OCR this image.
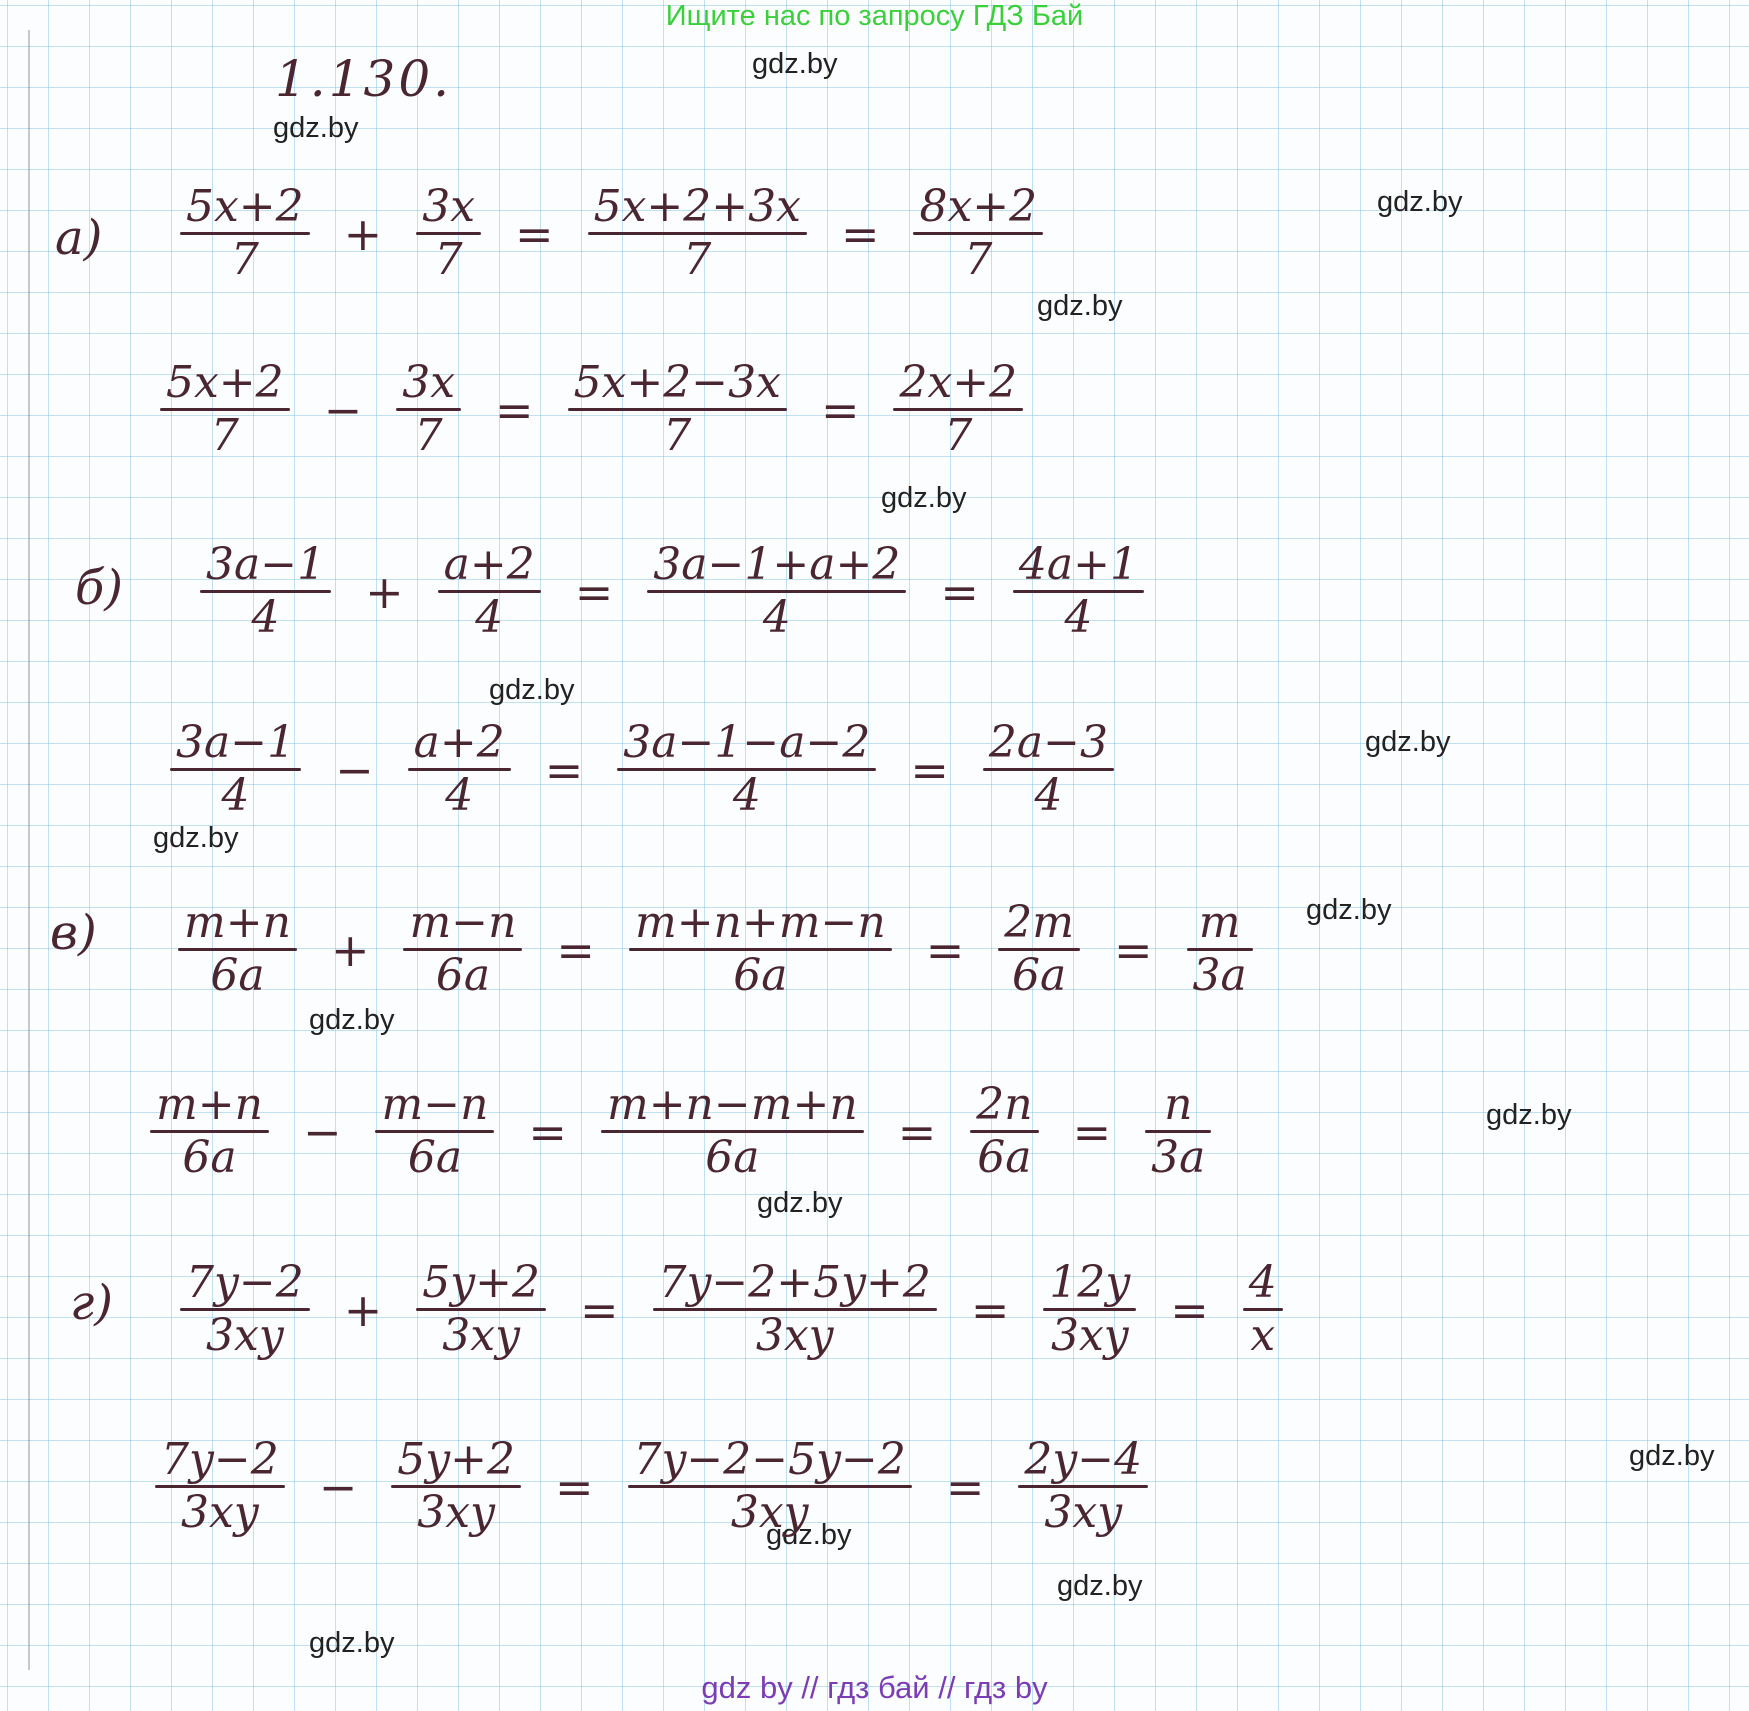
Ищите нас по запросу ГДЗ Бай
1.130.	gdz.by
gdz.by
gdz.by
gdz.by
gdz.by
gdz.by
gdz.by
gdz.by
gdz.by
gdz.by
gdz.by
gdz.by
gdz.by
gdz.by
gdz.by
gdz.by
$a) \frac{5x+2}{7} + \frac{3x}{7} = \frac{5x+2+3x}{7} = \frac{8x+2}{7}$
$\frac{5x+2}{7} - \frac{3x}{7} = \frac{5x+2-3x}{7} = \frac{2x+2}{7}$
$б) \frac{3a-1}{4} + \frac{a+2}{4} = \frac{3a-1+a+2}{4} = \frac{4a+1}{4}$
$\frac{3a-1}{4} - \frac{a+2}{4} = \frac{3a-1-a-2}{4} = \frac{2a-3}{4}$
$в) \frac{m+n}{6a} + \frac{m-n}{6a} = \frac{m+n+m-n}{6a} = \frac{2m}{6a} = \frac{m}{3a}$
$\frac{m+n}{6a} - \frac{m-n}{6a} = \frac{m+n-m+n}{6a} = \frac{2n}{6a} = \frac{n}{3a}$
$г) \frac{7y-2}{3xy} + \frac{5y+2}{3xy} = \frac{7y-2+5y+2}{3xy} = \frac{12y}{3xy} = \frac{4}{x}$
$\frac{7y-2}{3xy} - \frac{5y+2}{3xy} = \frac{7y-2-5y-2}{3xy} = \frac{2y-4}{3xy}$
gdz by // гдз бай // гдз by
